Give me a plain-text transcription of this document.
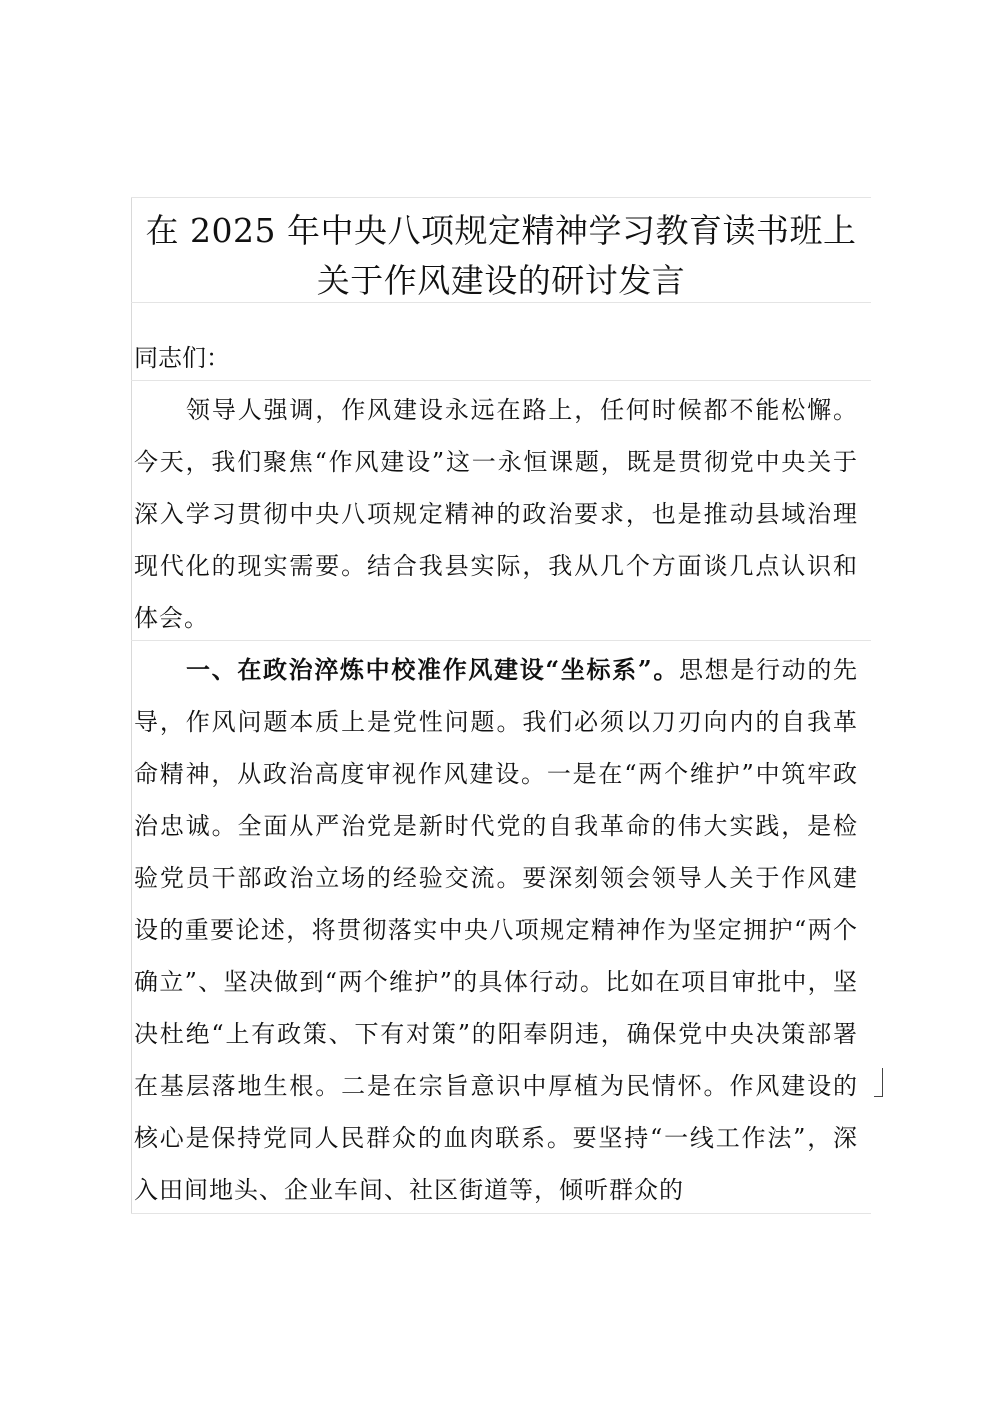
在 2025 年中央八项规定精神学习教育读书班上
关于作风建设的研讨发言

同志们：

领导人强调，作风建设永远在路上，任何时候都不能松懈。今天，我们聚焦“作风建设”这一永恒课题，既是贯彻党中央关于深入学习贯彻中央八项规定精神的政治要求，也是推动县域治理现代化的现实需要。结合我县实际，我从几个方面谈几点认识和体会。

一、在政治淬炼中校准作风建设“坐标系”。思想是行动的先导，作风问题本质上是党性问题。我们必须以刀刃向内的自我革命精神，从政治高度审视作风建设。一是在“两个维护”中筑牢政治忠诚。全面从严治党是新时代党的自我革命的伟大实践，是检验党员干部政治立场的经验交流。要深刻领会领导人关于作风建设的重要论述，将贯彻落实中央八项规定精神作为坚定拥护“两个确立”、坚决做到“两个维护”的具体行动。比如在项目审批中，坚决杜绝“上有政策、下有对策”的阳奉阴违，确保党中央决策部署在基层落地生根。二是在宗旨意识中厚植为民情怀。作风建设的核心是保持党同人民群众的血肉联系。要坚持“一线工作法”，深入田间地头、企业车间、社区街道等，倾听群众的
